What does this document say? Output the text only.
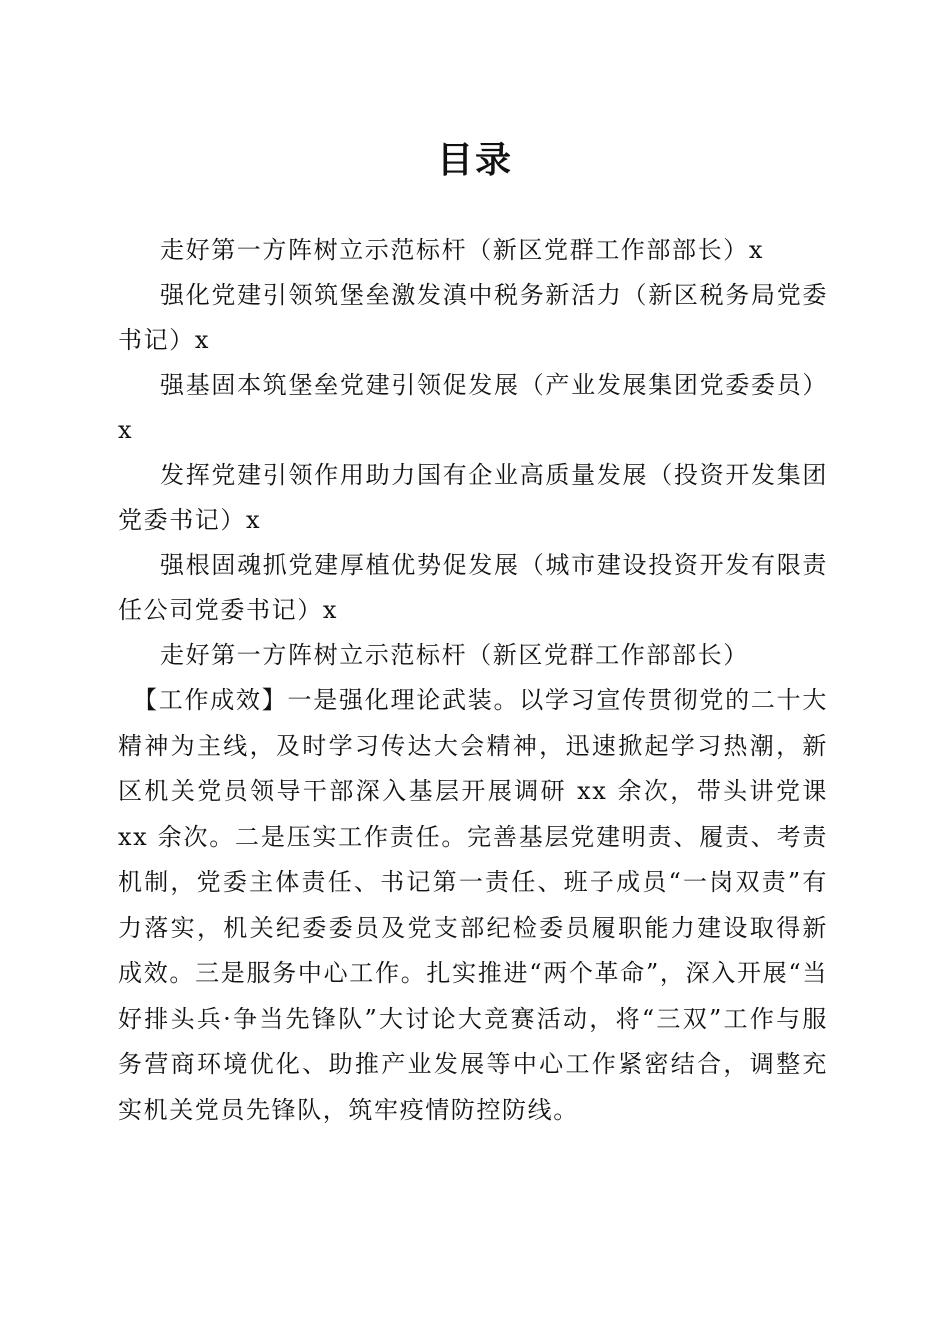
目录

走好第一方阵树立示范标杆（新区党群工作部部长）x

强化党建引领筑堡垒激发滇中税务新活力（新区税务局党委书记）x

强基固本筑堡垒党建引领促发展（产业发展集团党委委员）x

发挥党建引领作用助力国有企业高质量发展（投资开发集团党委书记）x

强根固魂抓党建厚植优势促发展（城市建设投资开发有限责任公司党委书记）x

走好第一方阵树立示范标杆（新区党群工作部部长）

【工作成效】一是强化理论武装。以学习宣传贯彻党的二十大精神为主线，及时学习传达大会精神，迅速掀起学习热潮，新区机关党员领导干部深入基层开展调研 xx 余次，带头讲党课 xx 余次。二是压实工作责任。完善基层党建明责、履责、考责机制，党委主体责任、书记第一责任、班子成员“一岗双责”有力落实，机关纪委委员及党支部纪检委员履职能力建设取得新成效。三是服务中心工作。扎实推进“两个革命”，深入开展“当好排头兵·争当先锋队”大讨论大竞赛活动，将“三双”工作与服务营商环境优化、助推产业发展等中心工作紧密结合，调整充实机关党员先锋队，筑牢疫情防控防线。
